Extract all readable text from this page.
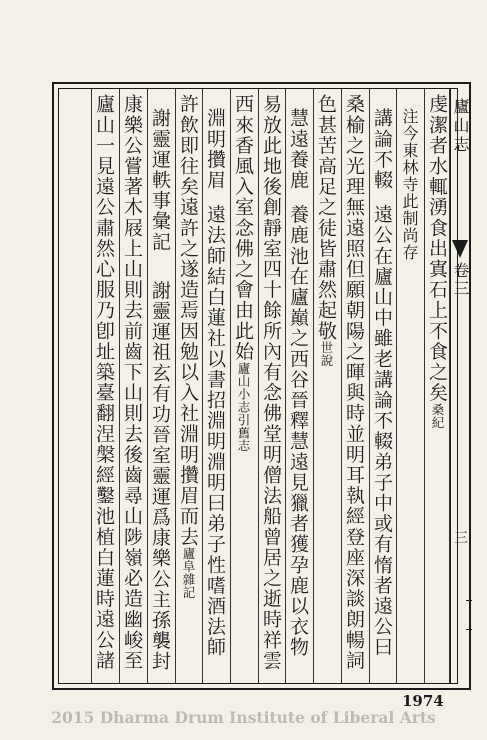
廬山志
卷三
三
虔潔者水輒湧食出寘石上不食之矣桑紀
注今東林寺此制尚存
講論不輟遠公在廬山中雖老講論不輟弟子中或有惰者遠公曰
桑榆之光理無遠照但願朝陽之暉與時並明耳執經登座深談朗暢詞
色甚苦高足之徒皆肅然起敬世說
慧遠養鹿養鹿池在廬巔之西谷晉釋慧遠見獵者獲孕鹿以衣物
易放此地後創靜室四十餘所內有念佛堂明僧法船曾居之逝時祥雲
西來香風入室念佛之會由此始廬山小志引舊志
淵明攢眉遠法師結白蓮社以書招淵明淵明曰弟子性嗜酒法師
許飲即往矣遠許之遂造焉因勉以入社淵明攢眉而去廬阜雜記
謝靈運軼事彙記謝靈運祖玄有功晉室靈運爲康樂公主孫襲封
康樂公嘗著木屐上山則去前齒下山則去後齒尋山陟嶺必造幽峻至
廬山一見遠公肅然心服乃卽址築臺翻涅槃經鑿池植白蓮時遠公諸
1974
2015 Dharma Drum Institute of Liberal Arts
